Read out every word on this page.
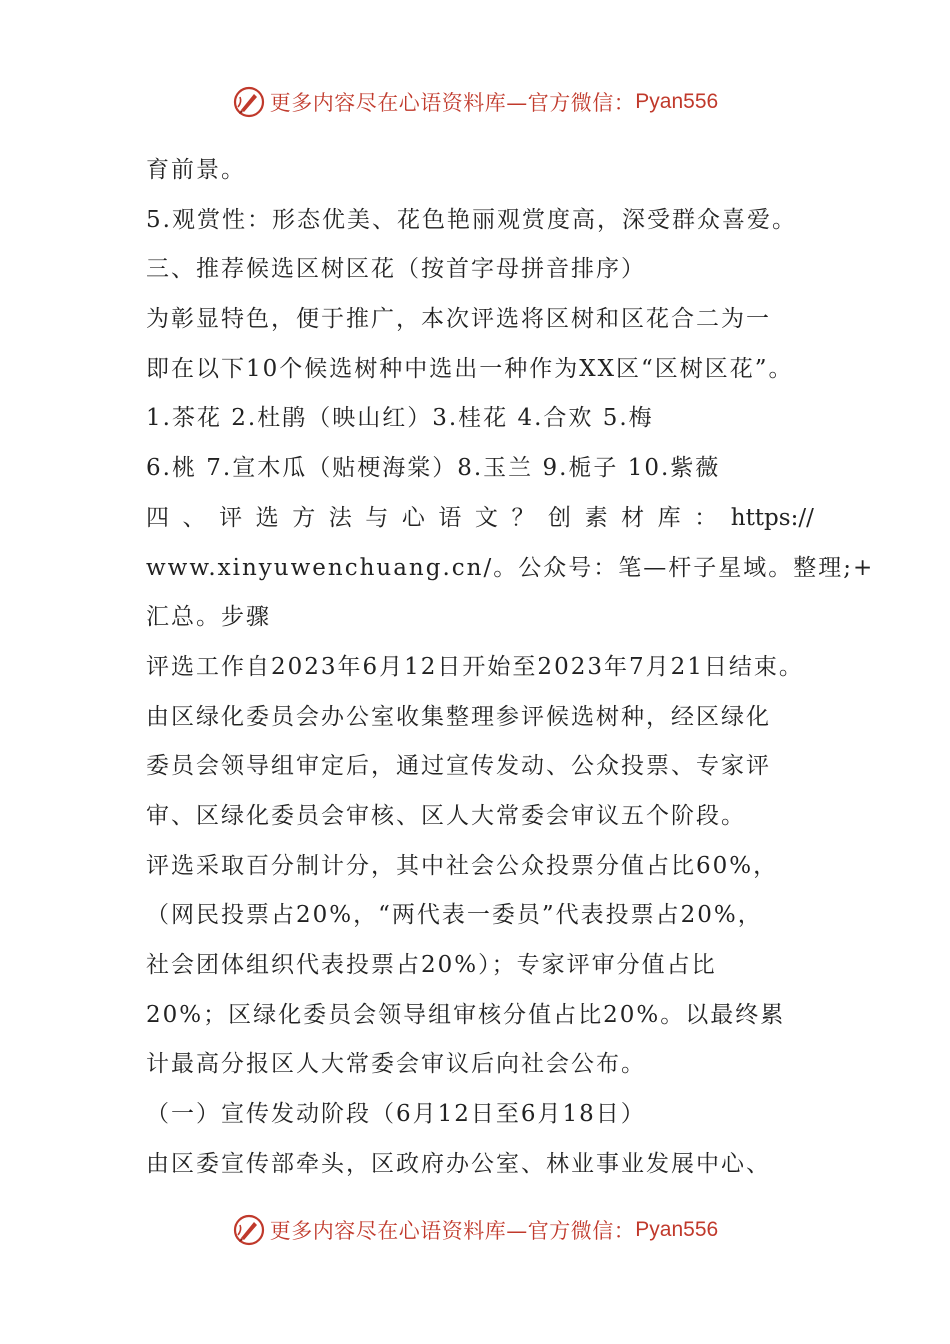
更多内容尽在心语资料库—官方微信： Pyan556
育前景。
5.观赏性：形态优美、花色艳丽观赏度高，深受群众喜爱。
三、推荐候选区树区花（按首字母拼音排序）
为彰显特色，便于推广，本次评选将区树和区花合二为一
即在以下10个候选树种中选出一种作为XX区“区树区花”。
1.茶花 2.杜鹃（映山红）3.桂花 4.合欢 5.梅
6.桃 7.宣木瓜（贴梗海棠）8.玉兰 9.栀子 10.紫薇
四 、 评 选 方 法 与 心 语 文 ？ 创 素 材 库 ： https://
www.xinyuwenchuang.cn/。公众号：笔—杆子星域。整理;+
汇总。步骤
评选工作自2023年6月12日开始至2023年7月21日结束。
由区绿化委员会办公室收集整理参评候选树种，经区绿化
委员会领导组审定后，通过宣传发动、公众投票、专家评
审、区绿化委员会审核、区人大常委会审议五个阶段。
评选采取百分制计分，其中社会公众投票分值占比60%，
（网民投票占20%，“两代表一委员”代表投票占20%，
社会团体组织代表投票占20%）；专家评审分值占比
20%；区绿化委员会领导组审核分值占比20%。以最终累
计最高分报区人大常委会审议后向社会公布。
（一）宣传发动阶段（6月12日至6月18日）
由区委宣传部牵头，区政府办公室、林业事业发展中心、
更多内容尽在心语资料库—官方微信： Pyan556
